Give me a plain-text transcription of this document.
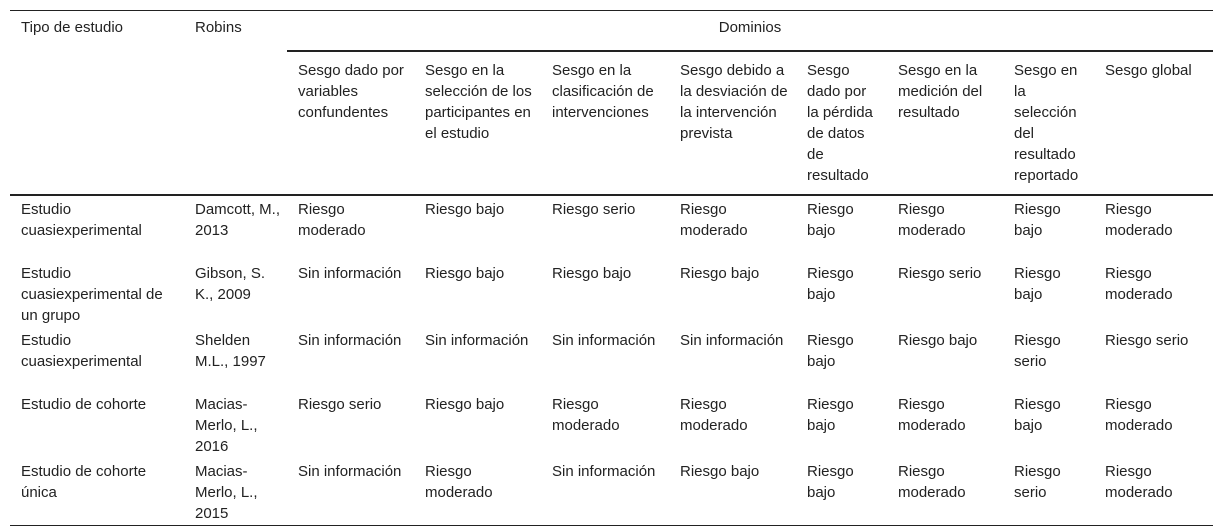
Tipo de estudio	Robins	Dominios							
		Sesgo dado por variables confundentes	Sesgo en la selección de los participantes en el estudio	Sesgo en la clasificación de intervenciones	Sesgo debido a la desviación de la intervención prevista	Sesgo dado por la pérdida de datos de resultado	Sesgo en la medición del resultado	Sesgo en la selección del resultado reportado	Sesgo global
Estudio cuasiexperimental	Damcott, M., 2013	Riesgo moderado	Riesgo bajo	Riesgo serio	Riesgo moderado	Riesgo bajo	Riesgo moderado	Riesgo bajo	Riesgo moderado
Estudio cuasiexperimental de un grupo	Gibson, S. K., 2009	Sin información	Riesgo bajo	Riesgo bajo	Riesgo bajo	Riesgo bajo	Riesgo serio	Riesgo bajo	Riesgo moderado
Estudio cuasiexperimental	Shelden M.L., 1997	Sin información	Sin información	Sin información	Sin información	Riesgo bajo	Riesgo bajo	Riesgo serio	Riesgo serio
Estudio de cohorte	Macias-Merlo, L., 2016	Riesgo serio	Riesgo bajo	Riesgo moderado	Riesgo moderado	Riesgo bajo	Riesgo moderado	Riesgo bajo	Riesgo moderado
Estudio de cohorte única	Macias-Merlo, L., 2015	Sin información	Riesgo moderado	Sin información	Riesgo bajo	Riesgo bajo	Riesgo moderado	Riesgo serio	Riesgo moderado
